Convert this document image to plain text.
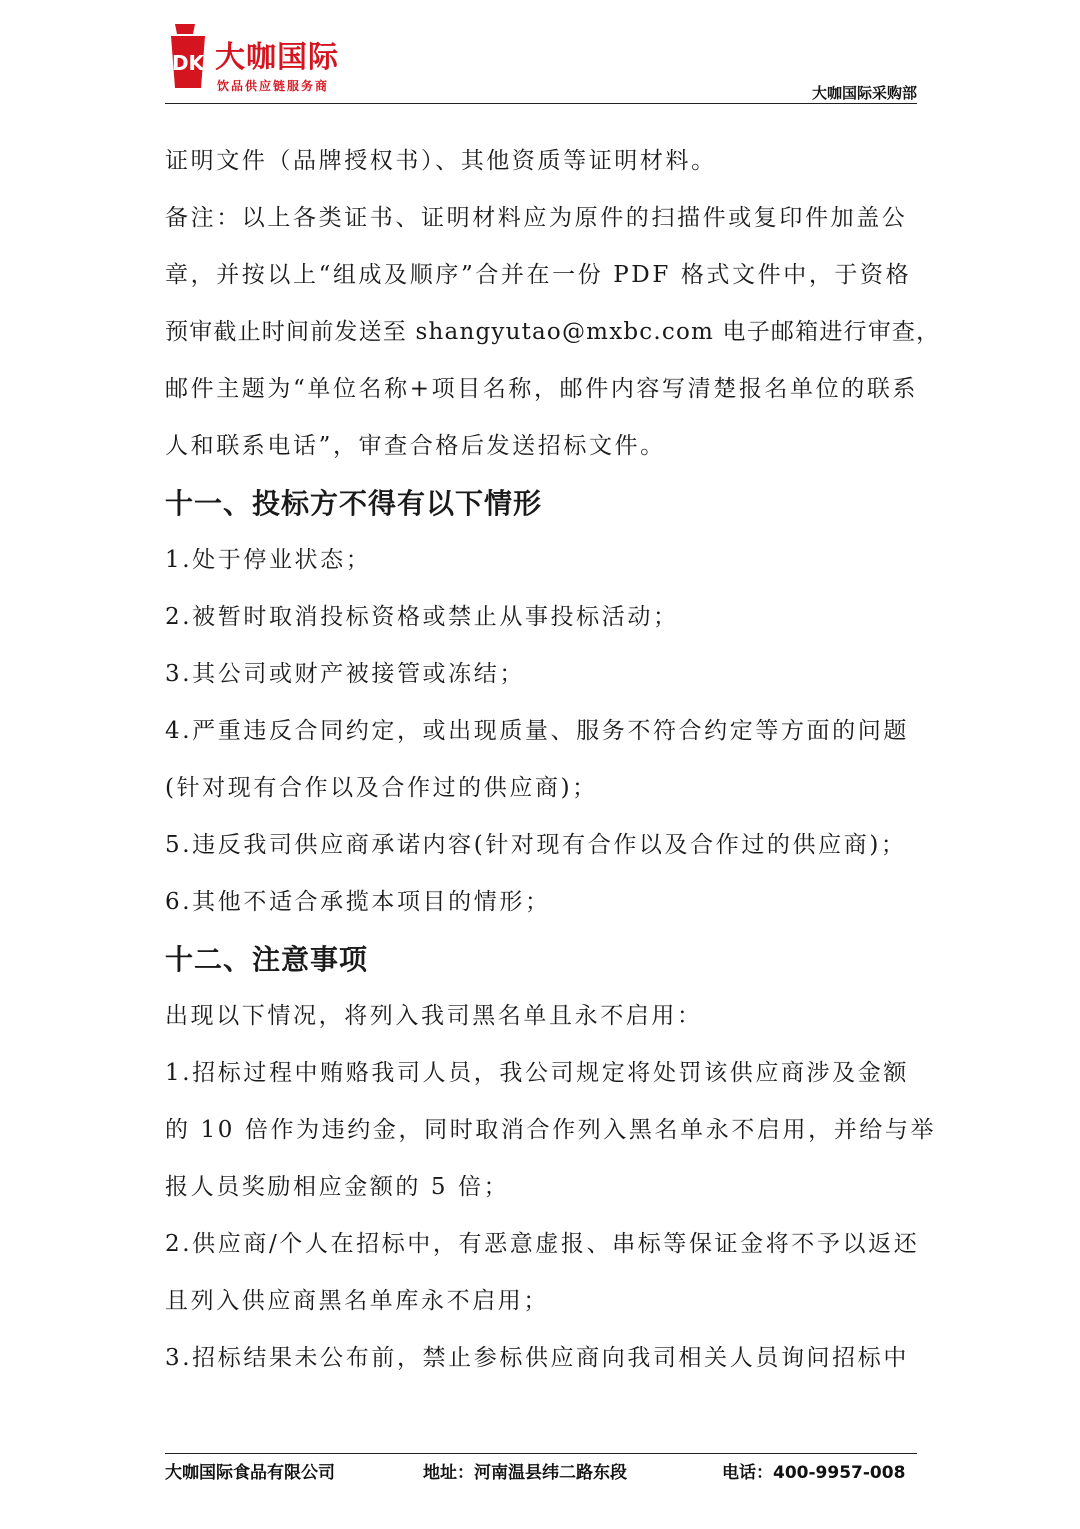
DK 大咖国际
饮品供应链服务商	大咖国际采购部
证明文件（品牌授权书）、其他资质等证明材料。
备注：以上各类证书、证明材料应为原件的扫描件或复印件加盖公
章，并按以上“组成及顺序”合并在一份 PDF 格式文件中，于资格
预审截止时间前发送至 shangyutao@mxbc.com 电子邮箱进行审查，
邮件主题为“单位名称+项目名称，邮件内容写清楚报名单位的联系
人和联系电话”，审查合格后发送招标文件。
十一、投标方不得有以下情形
1.处于停业状态；
2.被暂时取消投标资格或禁止从事投标活动；
3.其公司或财产被接管或冻结；
4.严重违反合同约定，或出现质量、服务不符合约定等方面的问题
(针对现有合作以及合作过的供应商)；
5.违反我司供应商承诺内容(针对现有合作以及合作过的供应商)；
6.其他不适合承揽本项目的情形；
十二、注意事项
出现以下情况，将列入我司黑名单且永不启用：
1.招标过程中贿赂我司人员，我公司规定将处罚该供应商涉及金额
的 10 倍作为违约金，同时取消合作列入黑名单永不启用，并给与举
报人员奖励相应金额的 5 倍；
2.供应商/个人在招标中，有恶意虚报、串标等保证金将不予以返还
且列入供应商黑名单库永不启用；
3.招标结果未公布前，禁止参标供应商向我司相关人员询问招标中
大咖国际食品有限公司	地址：河南温县纬二路东段	电话：400-9957-008
